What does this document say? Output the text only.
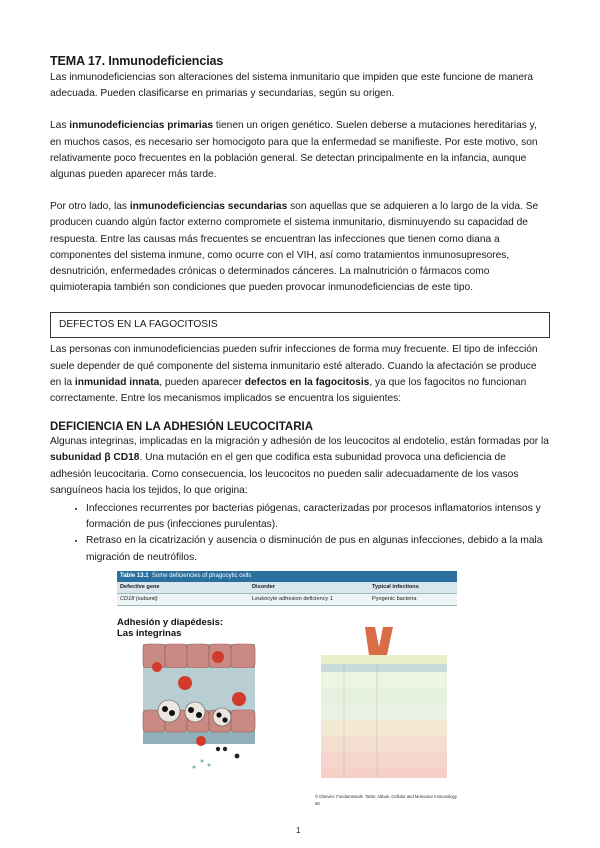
TEMA 17. Inmunodeficiencias

Las inmunodeficiencias son alteraciones del sistema inmunitario que impiden que este funcione de manera adecuada. Pueden clasificarse en primarias y secundarias, según su origen.

Las inmunodeficiencias primarias tienen un origen genético. Suelen deberse a mutaciones hereditarias y, en muchos casos, es necesario ser homocigoto para que la enfermedad se manifieste. Por este motivo, son relativamente poco frecuentes en la población general. Se detectan principalmente en la infancia, aunque algunas pueden aparecer más tarde.

Por otro lado, las inmunodeficiencias secundarias son aquellas que se adquieren a lo largo de la vida. Se producen cuando algún factor externo compromete el sistema inmunitario, disminuyendo su capacidad de respuesta. Entre las causas más frecuentes se encuentran las infecciones que tienen como diana a componentes del sistema inmune, como ocurre con el VIH, así como tratamientos inmunosupresores, desnutrición, enfermedades crónicas o determinados cánceres. La malnutrición o fármacos como quimioterapia también son condiciones que pueden provocar inmunodeficiencias de este tipo.

DEFECTOS EN LA FAGOCITOSIS

Las personas con inmunodeficiencias pueden sufrir infecciones de forma muy frecuente. El tipo de infección suele depender de qué componente del sistema inmunitario esté alterado. Cuando la afectación se produce en la inmunidad innata, pueden aparecer defectos en la fagocitosis, ya que los fagocitos no funcionan correctamente. Entre los mecanismos implicados se encuentra los siguientes:

DEFICIENCIA EN LA ADHESIÓN LEUCOCITARIA

Algunas integrinas, implicadas en la migración y adhesión de los leucocitos al endotelio, están formadas por la subunidad β CD18. Una mutación en el gen que codifica esta subunidad provoca una deficiencia de adhesión leucocitaria. Como consecuencia, los leucocitos no pueden salir adecuadamente de los vasos sanguíneos hacia los tejidos, lo que origina:

• Infecciones recurrentes por bacterias piógenas, caracterizadas por procesos inflamatorios intensos y formación de pus (infecciones purulentas).
• Retraso en la cicatrización y ausencia o disminución de pus en algunas infecciones, debido a la mala migración de neutrófilos.
Table 13.1 Some deficiencies of phagocytic cells
Defective gene	Disorder	Typical infections
CD18 (subunit)	Leukocyte adhesion deficiency 1	Pyogenic bacteria
Adhesión y diapédesis:
Las integrinas
© Elsevier. Fundamentals. Table: Abbas. Cellular and Molecular Immunology 6E
1
